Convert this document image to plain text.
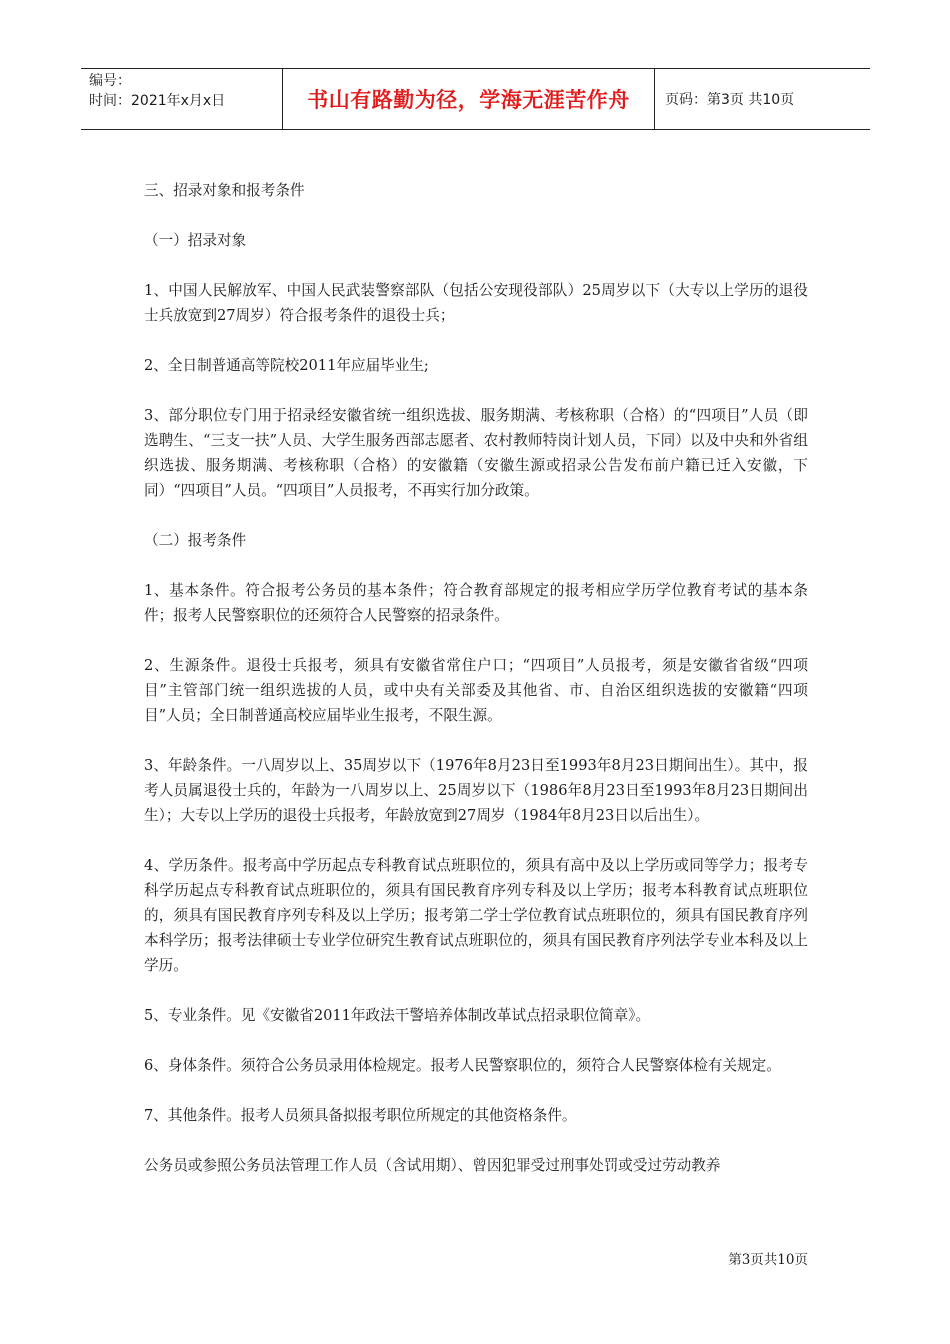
编号：
时间：2021年x月x日	书山有路勤为径，学海无涯苦作舟	页码：第3页 共10页

三、招录对象和报考条件

（一）招录对象

1、中国人民解放军、中国人民武装警察部队（包括公安现役部队）25周岁以下（大专以上学历的退役士兵放宽到27周岁）符合报考条件的退役士兵；

2、全日制普通高等院校2011年应届毕业生;

3、部分职位专门用于招录经安徽省统一组织选拔、服务期满、考核称职（合格）的“四项目”人员（即选聘生、“三支一扶”人员、大学生服务西部志愿者、农村教师特岗计划人员，下同）以及中央和外省组织选拔、服务期满、考核称职（合格）的安徽籍（安徽生源或招录公告发布前户籍已迁入安徽，下同）“四项目”人员。“四项目”人员报考，不再实行加分政策。

（二）报考条件

1、基本条件。符合报考公务员的基本条件；符合教育部规定的报考相应学历学位教育考试的基本条件；报考人民警察职位的还须符合人民警察的招录条件。

2、生源条件。退役士兵报考，须具有安徽省常住户口；“四项目”人员报考，须是安徽省省级“四项目”主管部门统一组织选拔的人员，或中央有关部委及其他省、市、自治区组织选拔的安徽籍“四项目”人员；全日制普通高校应届毕业生报考，不限生源。

3、年龄条件。一八周岁以上、35周岁以下（1976年8月23日至1993年8月23日期间出生）。其中，报考人员属退役士兵的，年龄为一八周岁以上、25周岁以下（1986年8月23日至1993年8月23日期间出生）；大专以上学历的退役士兵报考，年龄放宽到27周岁（1984年8月23日以后出生）。

4、学历条件。报考高中学历起点专科教育试点班职位的，须具有高中及以上学历或同等学力；报考专科学历起点专科教育试点班职位的，须具有国民教育序列专科及以上学历；报考本科教育试点班职位的，须具有国民教育序列专科及以上学历；报考第二学士学位教育试点班职位的，须具有国民教育序列本科学历；报考法律硕士专业学位研究生教育试点班职位的，须具有国民教育序列法学专业本科及以上学历。

5、专业条件。见《安徽省2011年政法干警培养体制改革试点招录职位简章》。

6、身体条件。须符合公务员录用体检规定。报考人民警察职位的，须符合人民警察体检有关规定。

7、其他条件。报考人员须具备拟报考职位所规定的其他资格条件。

公务员或参照公务员法管理工作人员（含试用期）、曾因犯罪受过刑事处罚或受过劳动教养

第3页共10页
